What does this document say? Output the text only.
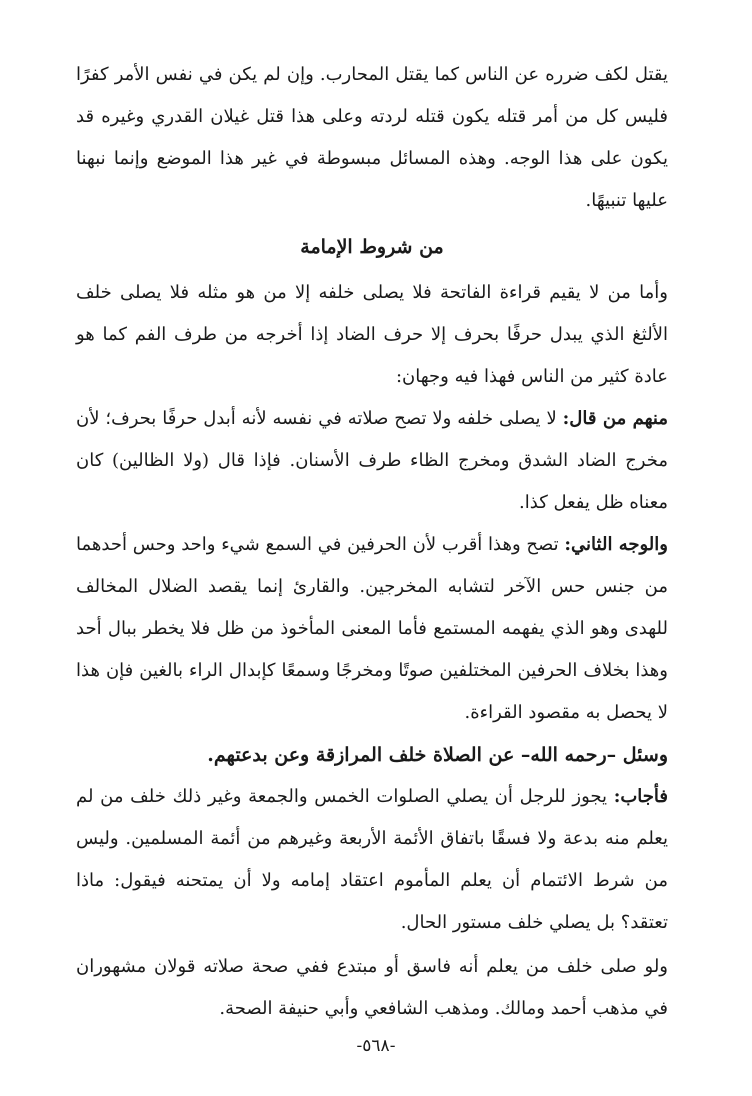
يقتل لكف ضرره عن الناس كما يقتل المحارب. وإن لم يكن في نفس الأمر كفرًا فليس كل من أمر قتله يكون قتله لردته وعلى هذا قتل غيلان القدري وغيره قد يكون على هذا الوجه. وهذه المسائل مبسوطة في غير هذا الموضع وإنما نبهنا عليها تنبيهًا.

من شروط الإمامة

وأما من لا يقيم قراءة الفاتحة فلا يصلى خلفه إلا من هو مثله فلا يصلى خلف الألثغ الذي يبدل حرفًا بحرف إلا حرف الضاد إذا أخرجه من طرف الفم كما هو عادة كثير من الناس فهذا فيه وجهان:

منهم من قال: لا يصلى خلفه ولا تصح صلاته في نفسه لأنه أبدل حرفًا بحرف؛ لأن مخرج الضاد الشدق ومخرج الظاء طرف الأسنان. فإذا قال (ولا الظالين) كان معناه ظل يفعل كذا.

والوجه الثاني: تصح وهذا أقرب لأن الحرفين في السمع شيء واحد وحس أحدهما من جنس حس الآخر لتشابه المخرجين. والقارئ إنما يقصد الضلال المخالف للهدى وهو الذي يفهمه المستمع فأما المعنى المأخوذ من ظل فلا يخطر ببال أحد وهذا بخلاف الحرفين المختلفين صوتًا ومخرجًا وسمعًا كإبدال الراء بالغين فإن هذا لا يحصل به مقصود القراءة.

وسئل –رحمه الله– عن الصلاة خلف المرازقة وعن بدعتهم.

فأجاب: يجوز للرجل أن يصلي الصلوات الخمس والجمعة وغير ذلك خلف من لم يعلم منه بدعة ولا فسقًا باتفاق الأئمة الأربعة وغيرهم من أئمة المسلمين. وليس من شرط الائتمام أن يعلم المأموم اعتقاد إمامه ولا أن يمتحنه فيقول: ماذا تعتقد؟ بل يصلي خلف مستور الحال.

ولو صلى خلف من يعلم أنه فاسق أو مبتدع ففي صحة صلاته قولان مشهوران في مذهب أحمد ومالك. ومذهب الشافعي وأبي حنيفة الصحة.

-٥٦٨-
